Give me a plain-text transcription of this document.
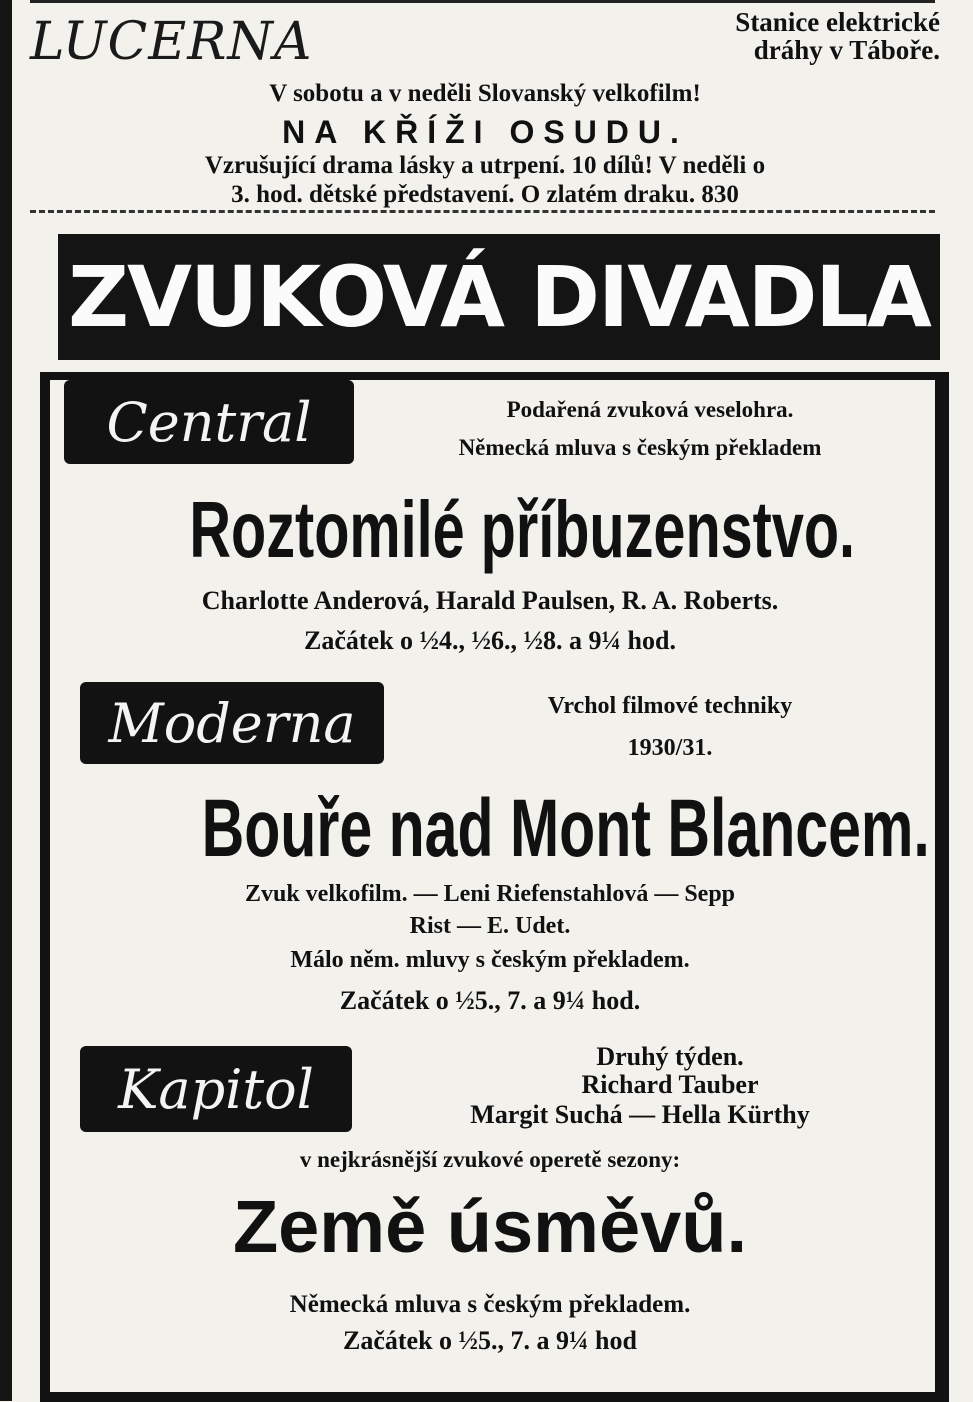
LUCERNA	Stanice elektrické
dráhy v Táboře.
V sobotu a v neděli Slovanský velkofilm!
NA KŘÍŽI OSUDU.
Vzrušující drama lásky a utrpení. 10 dílů! V neděli o
3. hod. dětské představení. O zlatém draku. 830
ZVUKOVÁ DIVADLA
Central	Podařená zvuková veselohra.
Německá mluva s českým překladem
Roztomilé příbuzenstvo.
Charlotte Anderová, Harald Paulsen, R. A. Roberts.
Začátek o ½4., ½6., ½8. a 9¼ hod.
Moderna	Vrchol filmové techniky
1930/31.
Bouře nad Mont Blancem.
Zvuk velkofilm. — Leni Riefenstahlová — Sepp
Rist — E. Udet.
Málo něm. mluvy s českým překladem.
Začátek o ½5., 7. a 9¼ hod.
Kapitol
Druhý týden.
Richard Tauber
Margit Suchá — Hella Kürthy
v nejkrásnější zvukové operetě sezony:
Země úsměvů.
Německá mluva s českým překladem.
Začátek o ½5., 7. a 9¼ hod
